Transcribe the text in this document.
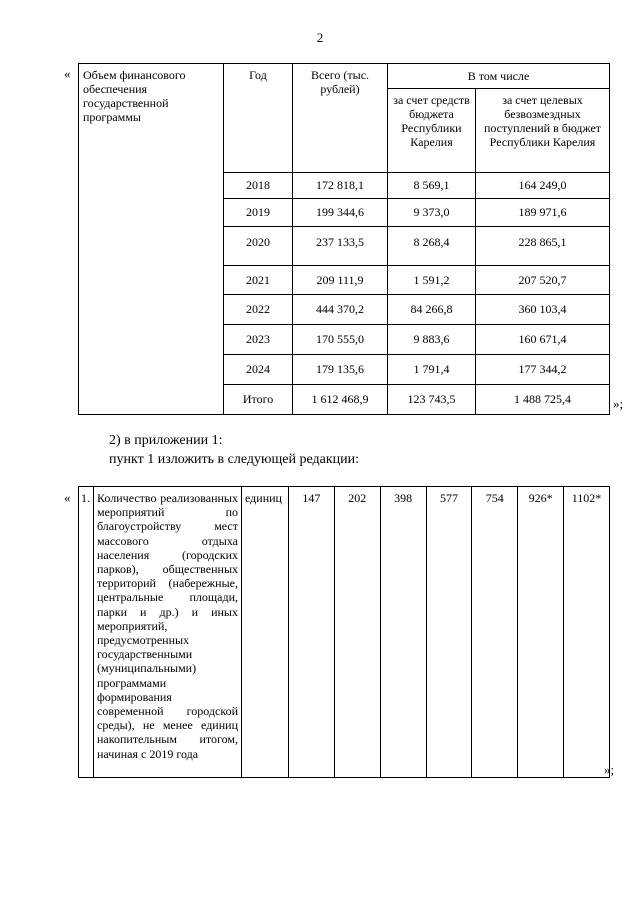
2
« Объем финансового обеспечения государственной программы	Год	Всего (тыс. рублей)	В том числе	
			за счет средств бюджета Республики Карелия	за счет целевых безвозмездных поступлений в бюджет Республики Карелия
	2018	172 818,1	8 569,1	164 249,0
	2019	199 344,6	9 373,0	189 971,6
	2020	237 133,5	8 268,4	228 865,1
	2021	209 111,9	1 591,2	207 520,7
	2022	444 370,2	84 266,8	360 103,4
	2023	170 555,0	9 883,6	160 671,4
	2024	179 135,6	1 791,4	177 344,2
	Итого	1 612 468,9	123 743,5	1 488 725,4	»;
2) в приложении 1:
пункт 1 изложить в следующей редакции:
« 1.	Количество реализованных мероприятий по благоустройству мест массового отдыха населения (городских парков), общественных территорий (набережные, центральные площади, парки и др.) и иных мероприятий, предусмотренных государственными (муниципальными) программами формирования современной городской среды), не менее единиц накопительным итогом, начиная с 2019 года	единиц	147	202	398	577	754	926*	1102*
»;
